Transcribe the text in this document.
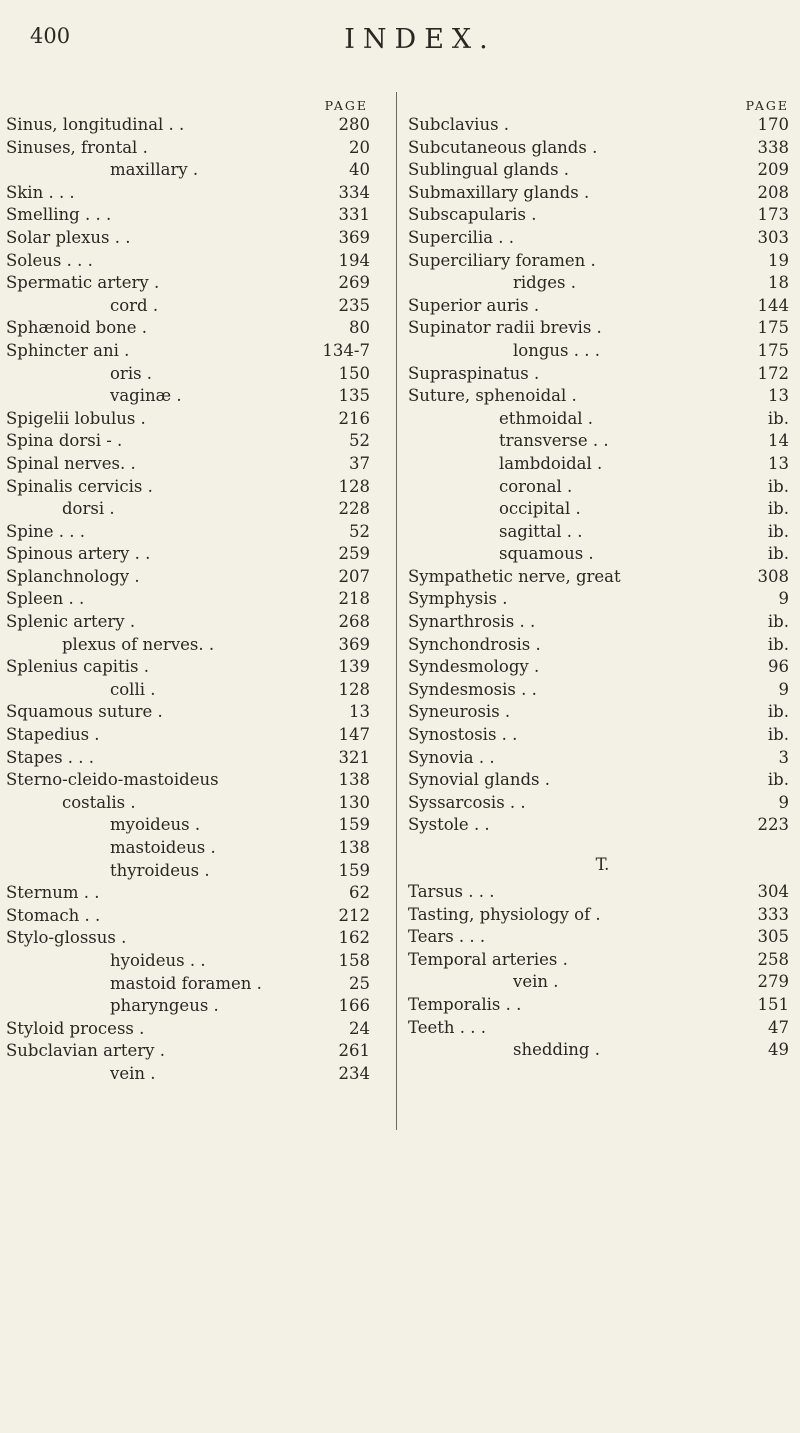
400	INDEX.
PAGE
Sinus, longitudinal . .	280
Sinuses, frontal .	20
maxillary .	40
Skin . . .	334
Smelling . . .	331
Solar plexus . .	369
Soleus . . .	194
Spermatic artery .	269
cord .	235
Sphænoid bone .	80
Sphincter ani .	134-7
oris .	150
vaginæ .	135
Spigelii lobulus .	216
Spina dorsi - .	52
Spinal nerves. .	37
Spinalis cervicis .	128
dorsi .	228
Spine . . .	52
Spinous artery . .	259
Splanchnology .	207
Spleen . .	218
Splenic artery .	268
plexus of nerves. .	369
Splenius capitis .	139
colli .	128
Squamous suture .	13
Stapedius .	147
Stapes . . .	321
Sterno-cleido-mastoideus	138
costalis .	130
myoideus .	159
mastoideus .	138
thyroideus .	159
Sternum . .	62
Stomach . .	212
Stylo-glossus .	162
hyoideus . .	158
mastoid foramen .	25
pharyngeus .	166
Styloid process .	24
Subclavian artery .	261
vein .	234
PAGE
Subclavius .	170
Subcutaneous glands .	338
Sublingual glands .	209
Submaxillary glands .	208
Subscapularis .	173
Supercilia . .	303
Superciliary foramen .	19
ridges .	18
Superior auris .	144
Supinator radii brevis .	175
longus . . .	175
Supraspinatus .	172
Suture, sphenoidal .	13
ethmoidal .	ib.
transverse . .	14
lambdoidal .	13
coronal .	ib.
occipital .	ib.
sagittal . .	ib.
squamous .	ib.
Sympathetic nerve, great	308
Symphysis .	9
Synarthrosis . .	ib.
Synchondrosis .	ib.
Syndesmology .	96
Syndesmosis . .	9
Syneurosis .	ib.
Synostosis . .	ib.
Synovia . .	3
Synovial glands .	ib.
Syssarcosis . .	9
Systole . .	223
T.
Tarsus . . .	304
Tasting, physiology of .	333
Tears . . .	305
Temporal arteries .	258
vein .	279
Temporalis . .	151
Teeth . . .	47
shedding .	49
